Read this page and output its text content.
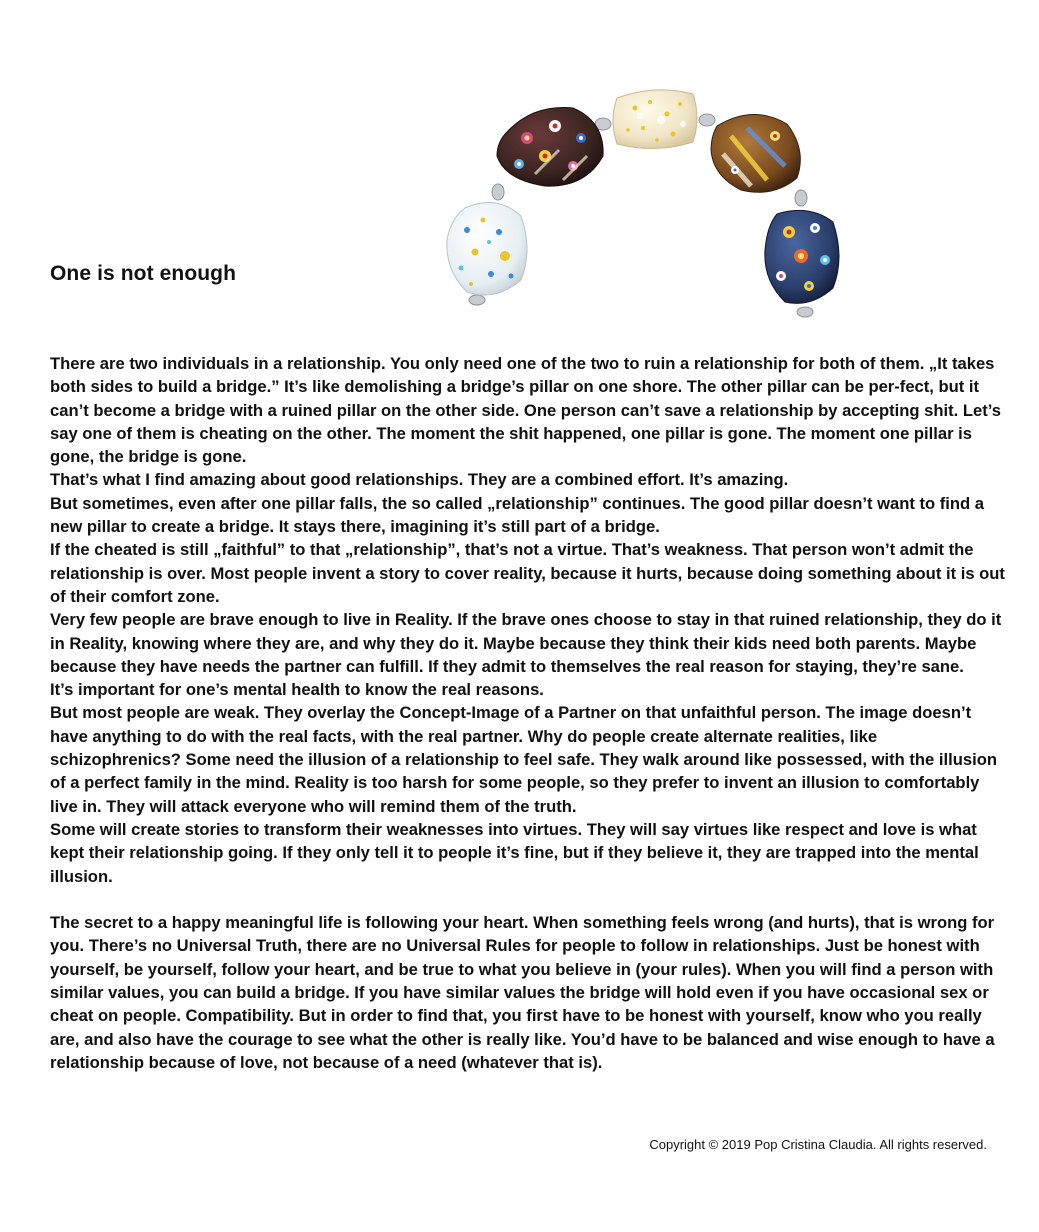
One is not enough

There are two individuals in a relationship. You only need one of the two to ruin a relationship for both of them. „It takes both sides to build a bridge.” It’s like demolishing a bridge’s pillar on one shore. The other pillar can be per-fect, but it can’t become a bridge with a ruined pillar on the other side. One person can’t save a relationship by accepting shit. Let’s say one of them is cheating on the other. The moment the shit happened, one pillar is gone. The moment one pillar is gone, the bridge is gone.

That’s what I find amazing about good relationships. They are a combined effort. It’s amazing.

But sometimes, even after one pillar falls, the so called „relationship” continues. The good pillar doesn’t want to find a new pillar to create a bridge. It stays there, imagining it’s still part of a bridge.

If the cheated is still „faithful” to that „relationship”, that’s not a virtue. That’s weakness. That person won’t admit the relationship is over. Most people invent a story to cover reality, because it hurts, because doing something about it is out of their comfort zone.

Very few people are brave enough to live in Reality. If the brave ones choose to stay in that ruined relationship, they do it in Reality, knowing where they are, and why they do it. Maybe because they think their kids need both parents. Maybe because they have needs the partner can fulfill. If they admit to themselves the real reason for staying, they’re sane.

It’s important for one’s mental health to know the real reasons.

But most people are weak. They overlay the Concept-Image of a Partner on that unfaithful person. The image doesn’t have anything to do with the real facts, with the real partner. Why do people create alternate realities, like schizophrenics? Some need the illusion of a relationship to feel safe. They walk around like possessed, with the illusion of a perfect family in the mind. Reality is too harsh for some people, so they prefer to invent an illusion to comfortably live in. They will attack everyone who will remind them of the truth.

Some will create stories to transform their weaknesses into virtues. They will say virtues like respect and love is what kept their relationship going. If they only tell it to people it’s fine, but if they believe it, they are trapped into the mental illusion.

The secret to a happy meaningful life is following your heart. When something feels wrong (and hurts), that is wrong for you. There’s no Universal Truth, there are no Universal Rules for people to follow in relationships. Just be honest with yourself, be yourself, follow your heart, and be true to what you believe in (your rules). When you will find a person with similar values, you can build a bridge. If you have similar values the bridge will hold even if you have occasional sex or cheat on people. Compatibility. But in order to find that, you first have to be honest with yourself, know who you really are, and also have the courage to see what the other is really like. You’d have to be balanced and wise enough to have a relationship because of love, not because of a need (whatever that is).

Copyright © 2019 Pop Cristina Claudia. All rights reserved.
